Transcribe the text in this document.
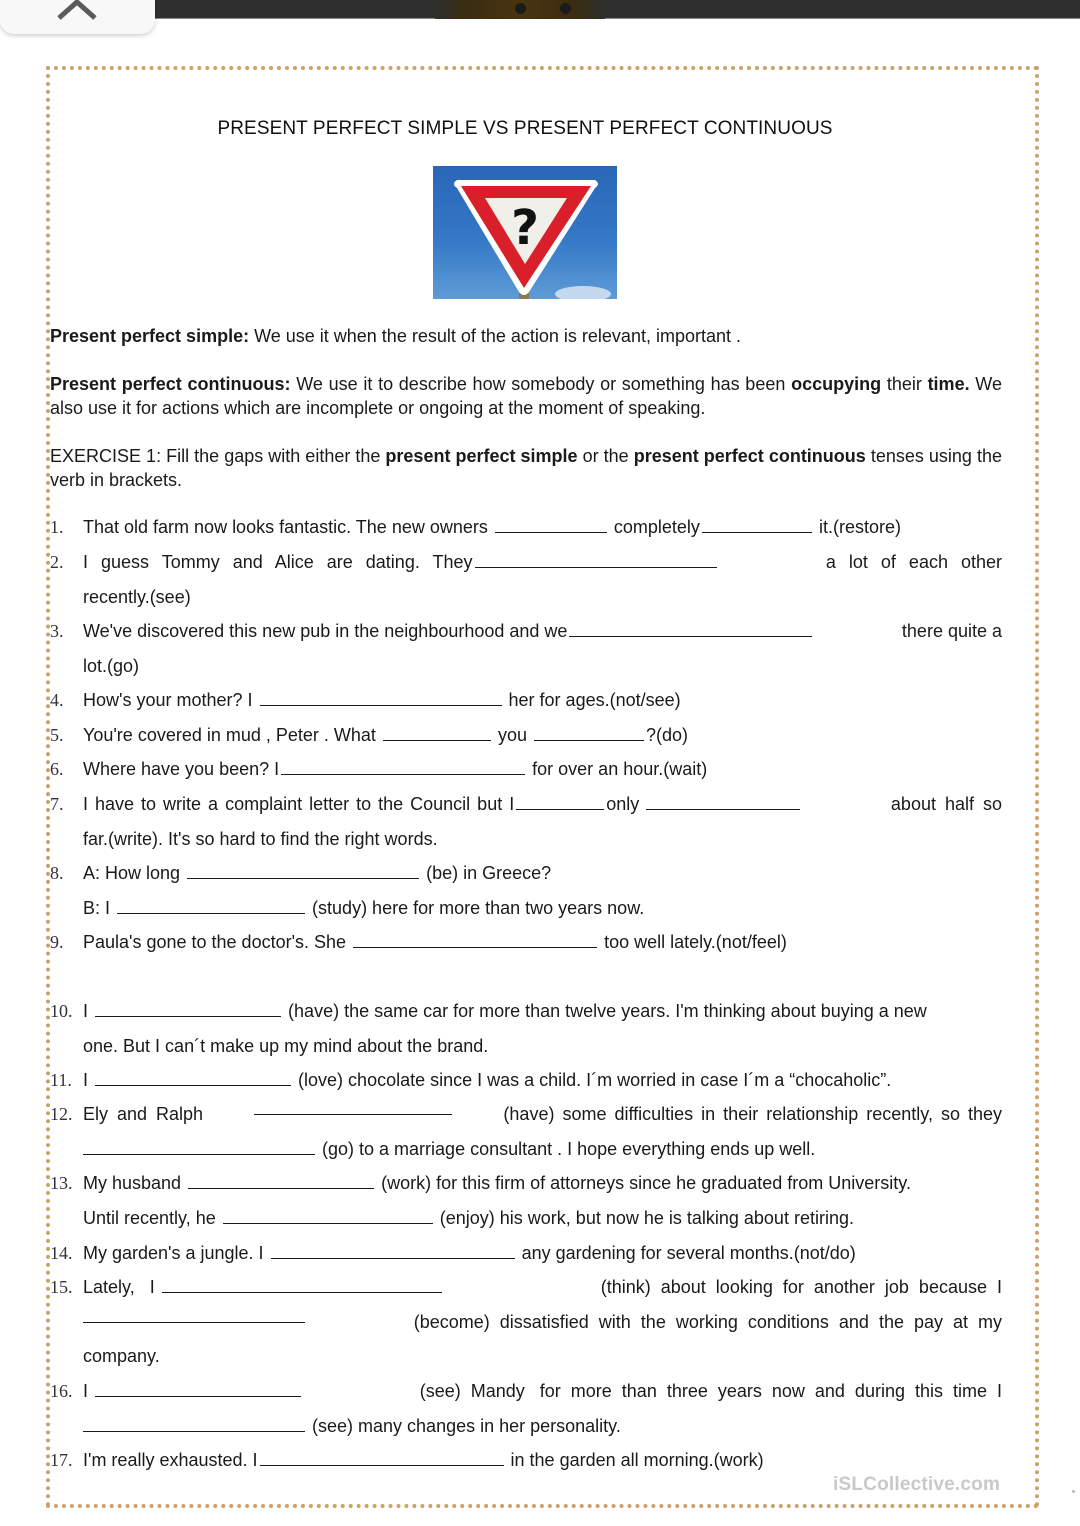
PRESENT PERFECT SIMPLE VS PRESENT PERFECT CONTINUOUS
?
Present perfect simple: We use it when the result of the action is relevant, important .
Present perfect continuous: We use it to describe how somebody or something has been occupying their time. We also use it for actions which are incomplete or ongoing at the moment of speaking.
EXERCISE 1: Fill the gaps with either the present perfect simple or the present perfect continuous tenses using the verb in brackets.
1. That old farm now looks fantastic. The new owners	completely	it.(restore)
2. I guess Tommy and Alice are dating. They	a lot of each other
recently.(see)
3. We've discovered this new pub in the neighbourhood and we	there quite a
lot.(go)
4. How's your mother? I	her for ages.(not/see)
5. You're covered in mud , Peter . What	you	?(do)
6. Where have you been? I	for over an hour.(wait)
7. I have to write a complaint letter to the Council but I	only	about half so
far.(write). It's so hard to find the right words.
8. A: How long	(be) in Greece?
B: I	(study) here for more than two years now.
9. Paula's gone to the doctor's. She	too well lately.(not/feel)
10. I	(have) the same car for more than twelve years. I'm thinking about buying a new
one. But I can´t make up my mind about the brand.
11. I	(love) chocolate since I was a child. I´m worried in case I´m a “chocaholic”.
12. Ely and Ralph	(have) some difficulties in their relationship recently, so they
(go) to a marriage consultant . I hope everything ends up well.
13. My husband	(work) for this firm of attorneys since he graduated from University.
Until recently, he	(enjoy) his work, but now he is talking about retiring.
14. My garden's a jungle. I	any gardening for several months.(not/do)
15. Lately,   I	(think)  about  looking  for  another  job  because  I
(become)  dissatisfied  with  the  working  conditions  and  the  pay  at  my
company.
16. I	(see)  Mandy   for  more  than  three  years  now  and  during  this  time  I
(see) many changes in her personality.
17. I'm really exhausted. I	in the garden all morning.(work)
iSLCollective.com
